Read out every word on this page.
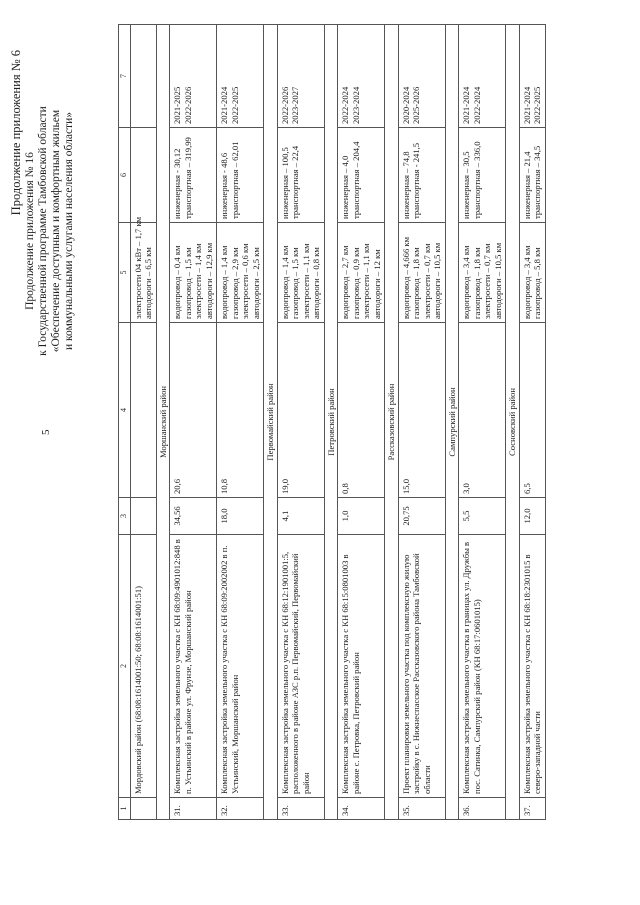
5
Продолжение приложения № 6
Продолжение приложения № 16 к Государственной программе Тамбовской области «Обеспечение доступным и комфортным жильем и коммунальными услугами населения области»
1	2	3	4	5	6	7
	Мордовский район (68:08:1614001:50; 68:08:1614001:51)			электросети 04 кВт – 1,7 км автодороги – 6,5 км		

Моршанский район						
31.	Комплексная застройка земельного участка с КН 68:09:4901012:848 в п. Устьинский в районе ул. Фрунзе, Моршанский район	34,56	20,6	водопровод – 0,4 км газопровод – 1,5 км электросети – 1,4 км автодороги – 12,9 км	инженерная - 30,12 транспортная – 319,99	2021-2025 2022-2026

32.	Комплексная застройка земельного участка с КН 68:09:2002002 в п. Устьинский, Моршанский район	18,0	10,8	водопровод – 1,4 км газопровод – 2,9 км электросети – 0,6 км автодороги – 2,5 км	инженерная - 48,6 транспортная – 62,01	2021-2024 2022-2025

Первомайский район						
33.	Комплексная застройка земельного участка с КН 68:12:1901001:5, расположенного в районе АЗС р.п. Первомайский, Первомайский район	4,1	19,0	водопровод – 1,4 км газопровод – 1,5 км электросети – 1,1 км автодороги – 0,8 км	инженерная – 100,5 транспортная – 22,4	2022-2026 2023-2027

Петровский район						
34.	Комплексная застройка земельного участка с КН 68:15:0801003 в районе с. Петровка, Петровский район	1,0	0,8	водопровод – 2,7 км газопровод – 0,9 км электросети – 1,1 км автодороги – 12 км	инженерная – 4,0 транспортная – 204,4	2022-2024 2023-2024

Рассказовский район						
35.	Проект планировки земельного участка под комплексную жилую застройку в с. Нижнеспасское Рассказовского района Тамбовской области	20,75	15,0	водопровод – 4,666 км газопровод – 1,8 км электросети – 0,7 км автодороги – 10,5 км	инженерная – 74,8 транспортная - 241,5	2020-2024 2025-2026

Сампурский район						
36.	Комплексная застройка земельного участка в границах ул. Дружбы в пос. Сатинка, Сампурский район (КН 68:17:0601015)	5,5	3,0	водопровод – 3,4 км газопровод – 1,8 км электросети – 0,7 км автодороги – 10,5 км	инженерная – 30,5 транспортная – 336,0	2021-2024 2022-2024

Сосновский район						
37.	Комплексная застройка земельного участка с КН 68:18:2301015 в северо-западной части	12,0	6,5	водопровод – 3,4 км газопровод – 5,8 км	инженерная – 21,4 транспортная – 34,5	2021-2024 2022-2025
